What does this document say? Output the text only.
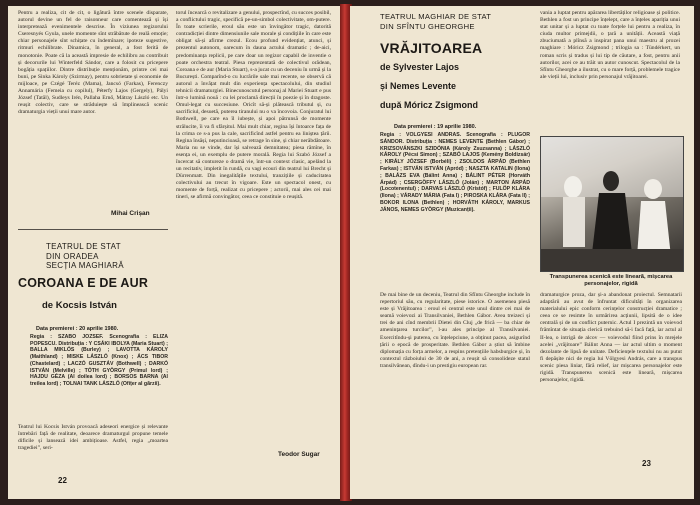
Pentru a realiza, cit de cit, o ligătură între scenele disparate, autorul devine un fel de raisonneur care comentează și își interpretează evenimentele descrise. În viziunea regizorului Cseresnyés Gyula, unele momente sînt străbătute de reală emoție; chiar personajele sînt schițate cu îndemînare; ipoteze sugestive, ritmuri echilibrate. Dinamica, în general, a fost ferită de monotonie. Poate că la această impresie de echilibru au contribuit și decorurile lui Winterfeld Sándor, care a folosit cu pricepere bogăția spațiilor. Dintre distribuție menționăm, printre cei mai buni, pe Sinka Károly (Szirmay), pentru sobrietate și economie de mijloace, pe Czégé Teréz (Mama), Jancsó (Farkas), Ferenczy Annamária (Femeia cu copilul), Péterfy Lajos (Gergely), Pályi József (Tatăl), Sudleys Irén, Pallaha Ernő, Mátray László etc. Un reușit colectiv, care se străduiește să împlinească scenic dramaturgia vieții unui mare autor.
Mihai Crișan
TEATRUL DE STAT
DIN ORADEA
SECȚIA MAGHIARĂ
COROANA E DE AUR
de Kocsis István
Data premierei : 20 aprilie 1980.
Regia : SZABÓ JÓZSEF. Scenografia : ELIZA POPESCU. Distribuția : Y CSÁKI IBOLYA (Maria Stuart) ; BALLA MIKLÓS (Burley) ; LAVOTTA KÁROLY (Maithland) ; MISKE LÁSZLÓ (Knox) ; ÁCS TIBOR (Chastelard) ; LACZÓ GUSZTÁV (Bothwell) ; DARKÓ ISTVÁN (Melville) ; TÓTH GYÖRGY (Primul lord) ; HAJDU GÉZA (Al doilea lord) ; BORSOS BARNA (Al treilea lord) ; TOLNAI TANK LÁSZLÓ (Ofițer al gărzii).
Teatrul lui Kocsis István provoacă adeseori energice și relevante întrebări față de realitate, deoarece dramaturgul propune temele dificile și lansează idei ambițioase. Astfel, regia „moartea tragediei”, seri-
torul încearcă o revitalizare a genului, prospectînd, cu succes posibil, a conflictului tragic, specifică pe-un-simbol colectivitate, om-putere. În toate scrierile, eroul său este un învingător tragic, datorită contradicției dintre dimensiunile sale morale și condițiile în care este obligat să-și afirme crezul. Ecou profund evidențiat, atunci, și prezentul autonom, oarecum în dauna actului dramatic ; de-aici, predominanța replicii, pe care doar un regizor capabil de inventie o poate orchestra teatral. Piesa reprezentată de colectivul orădean, Coroana e de aur (Maria Stuart), s-a jucat cu un deceniu în urmă și la București. Comparînd-o cu lucrările sale mai recente, se observă că autorul a învățat mult din experiența spectacolului, din studiul tehnicii dramaturgiei. Binecunoscutul personaj al Mariei Stuart e pus într-o lumină nouă : cu lei proclamă direcții în poezie și în dragoste. Omul-legat cu succesiune. Oricît să-și plătească tributul și, cu sacrificiul, desuetă, puterea tiranului nu o va încovoia. Conjuratul lui Bothwell, pe care ea îl iubește, și apoi pătrunsă de momente strălucite, îi va fi sfârșitul. Mai mult chiar, regina își întoarce fața de la crima ce s-a pus la cale, sacrificînd astfel pentru ea liniștea țării. Regina însăși, neputincioasă, se retrage în sine, și chiar nerăbdătoare. Maria nu se vinde, dar își salvează demnitatea; piesa rămîne, în esența ei, un exemplu de putere morală. Regia lui Szabó József a încercat să contureze o dramă vie, într-un context clasic, apelând la un recitativ, impletit în rundă, cu vagi ecouri din teatrul lui Brecht și Dürrenmatt. Din inegalitățile textului, tranzițiile și caducitatea colectivului au trecut în vigoare. Este un spectacol onest, cu momente de forță, realizat cu pricepere ; actorii, mai ales cei mai tineri, se afirmă convingător, ceea ce constituie o reușită.
Teodor Sugar
22
TEATRUL MAGHIAR DE STAT
DIN SFÎNTU GHEORGHE
VRĂJITOAREA
de Sylvester Lajos
și Nemes Levente
după Móricz Zsigmond
Data premierei : 19 aprilie 1980.
Regia : VÖLGYESI ANDRÁS. Scenografia : PLUGOR SÁNDOR. Distribuția : NEMES LEVENTE (Bethlen Gábor) ; KRIZSOVÁNSZKI SZIDÓNIA (Károly Zsuzsanna) ; LÁSZLÓ KÁROLY (Pécsi Simon) ; SZABÓ LAJOS (Kemény Boldizsár) ; KIRÁLY JÓZSEF (Borbéli) ; ZSOLDOS ÁRPÁD (Bethlen Farkas) ; ISTVÁN ISTVÁN (Apród) ; NASZTA KATALIN (Ilona) ; BALÁZS EVA (Bálint Anna) ; BÁLINT PÉTER (Horváth Árpád) ; CSERGÖFFY LÁSZLÓ (Jolán) ; MARTON ÁRPÁD (Locotenentul) ; DARVAS LÁSZLÓ (Kristóf) ; FULÖP KLÁRA (Ilona) ; VÁRADY MÁRIA (Fata I) ; PIROSKA KLÁRA (Fata II) ; BOKOR ILONA (Bethlen) ; HORVÁTH KÁROLY, MARKUS JÁNOS, NEMES GYÖRGY (Muzicanții).
vania a luptat pentru apărarea libertăților religioase și politice. Bethlen a fost un principe înțelept, care a înțeles apariția unui stat unitar și a luptat cu toate forțele lui pentru a realiza, în ciuda multor primejdii, o țară a unității. Această viață zbuciumată a plînsă a inspirat pana unui maestru al prozei maghiare : Móricz Zsigmond ; trilogia sa : Tündérkert, un roman scris și tradus și lui tip de căutare, a fost, pentru anii autorilor, acei ce au trăit un autor cunoscut. Spectacolul de la Sfîntu Gheorghe a ilustrat, cu o mare forță, problemele tragice ale vieții lui, inclusiv prin personajul vrăjitoarei.
Transpunerea scenică este lineară, mișcarea personajelor, rigidă
De mai bine de un deceniu, Teatrul din Sfîntu Gheorghe include în repertoriul său, cu regularitate, piese istorice. O asemenea piesă este și Vrăjitoarea : eroul ei central este unul dintre cei mai de seamă voievozi ai Transilvaniei, Bethlen Gábor. Avea treizeci și trei de ani cînd membrii Dietei din Cluj „de frică — ba chiar de amenințarea turcilor”, l-au ales principe al Transilvaniei. Exercitîndu-și puterea, cu înțelepciune, a obținut pacea, asigurînd țării o epocă de prosperitate. Bethlen Gábor a știut să îmbine diplomația cu forța armelor, a respins pretențiile habsburgice și, în contextul războiului de 30 de ani, a reușit să consolideze statul transilvănean, dîndu-i un prestigiu european rar.
dramaturgice proza, dar și-a abandonat proiectul. Semnatarii adaptării au avut de înfruntat dificultăți în organizarea materialului epic conform cerințelor construcției dramatice ; ceea ce se resimte în urmărirea acțiunii, lipsită de o idee centrală și de un conflict puternic. Actul I prezintă un voievod frămîntat de situația clerică trebuind să-i facă față, iar actul al II-lea, o intrigă de alcov — voievodul fiind prins în mrejele acelei „vrăjitoare” Bálint Anna — iar actul ultim o moment dezolante de lipsă de unitate. Deficiențele textului nu au putut fi depășite nici de regia lui Völgyesi András, care a transpus scenic piesa liniar, fără relief, iar mișcarea personajelor este rigidă. Transpunerea scenică este lineară, mișcarea personajelor, rigidă.
23
